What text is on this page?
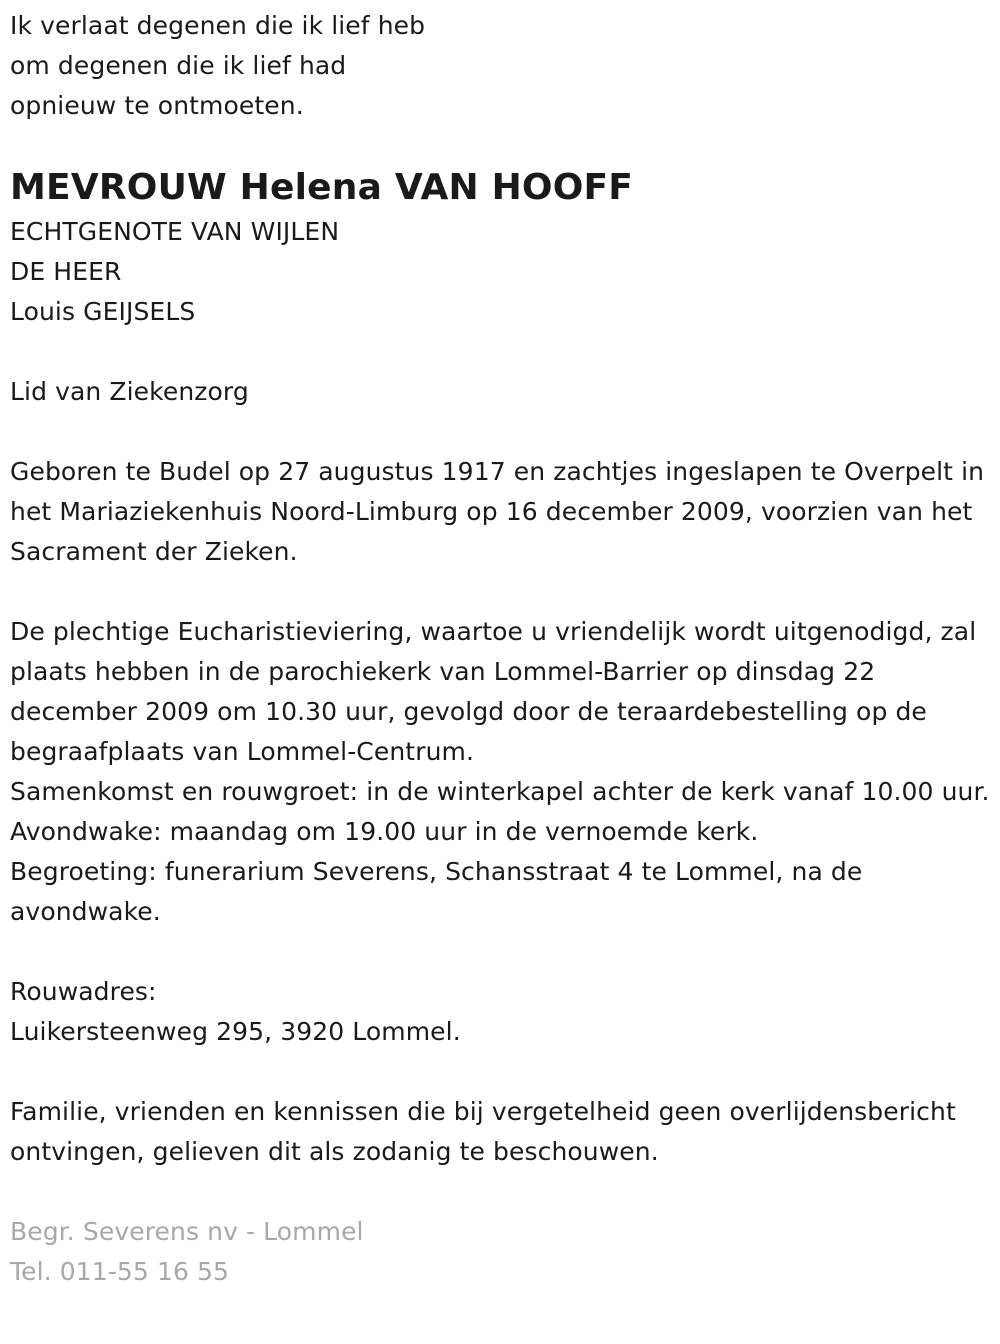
Ik verlaat degenen die ik lief heb
om degenen die ik lief had
opnieuw te ontmoeten.
MEVROUW Helena VAN HOOFF
ECHTGENOTE VAN WIJLEN
DE HEER
Louis GEIJSELS
Lid van Ziekenzorg
Geboren te Budel op 27 augustus 1917 en zachtjes ingeslapen te Overpelt in het Mariaziekenhuis Noord-Limburg op 16 december 2009, voorzien van het Sacrament der Zieken.
De plechtige Eucharistieviering, waartoe u vriendelijk wordt uitgenodigd, zal plaats hebben in de parochiekerk van Lommel-Barrier op dinsdag 22 december 2009 om 10.30 uur, gevolgd door de teraardebestelling op de begraafplaats van Lommel-Centrum.
Samenkomst en rouwgroet: in de winterkapel achter de kerk vanaf 10.00 uur.
Avondwake: maandag om 19.00 uur in de vernoemde kerk.
Begroeting: funerarium Severens, Schansstraat 4 te Lommel, na de avondwake.
Rouwadres:
Luikersteenweg 295, 3920 Lommel.
Familie, vrienden en kennissen die bij vergetelheid geen overlijdensbericht ontvingen, gelieven dit als zodanig te beschouwen.
Begr. Severens nv - Lommel
Tel. 011-55 16 55
